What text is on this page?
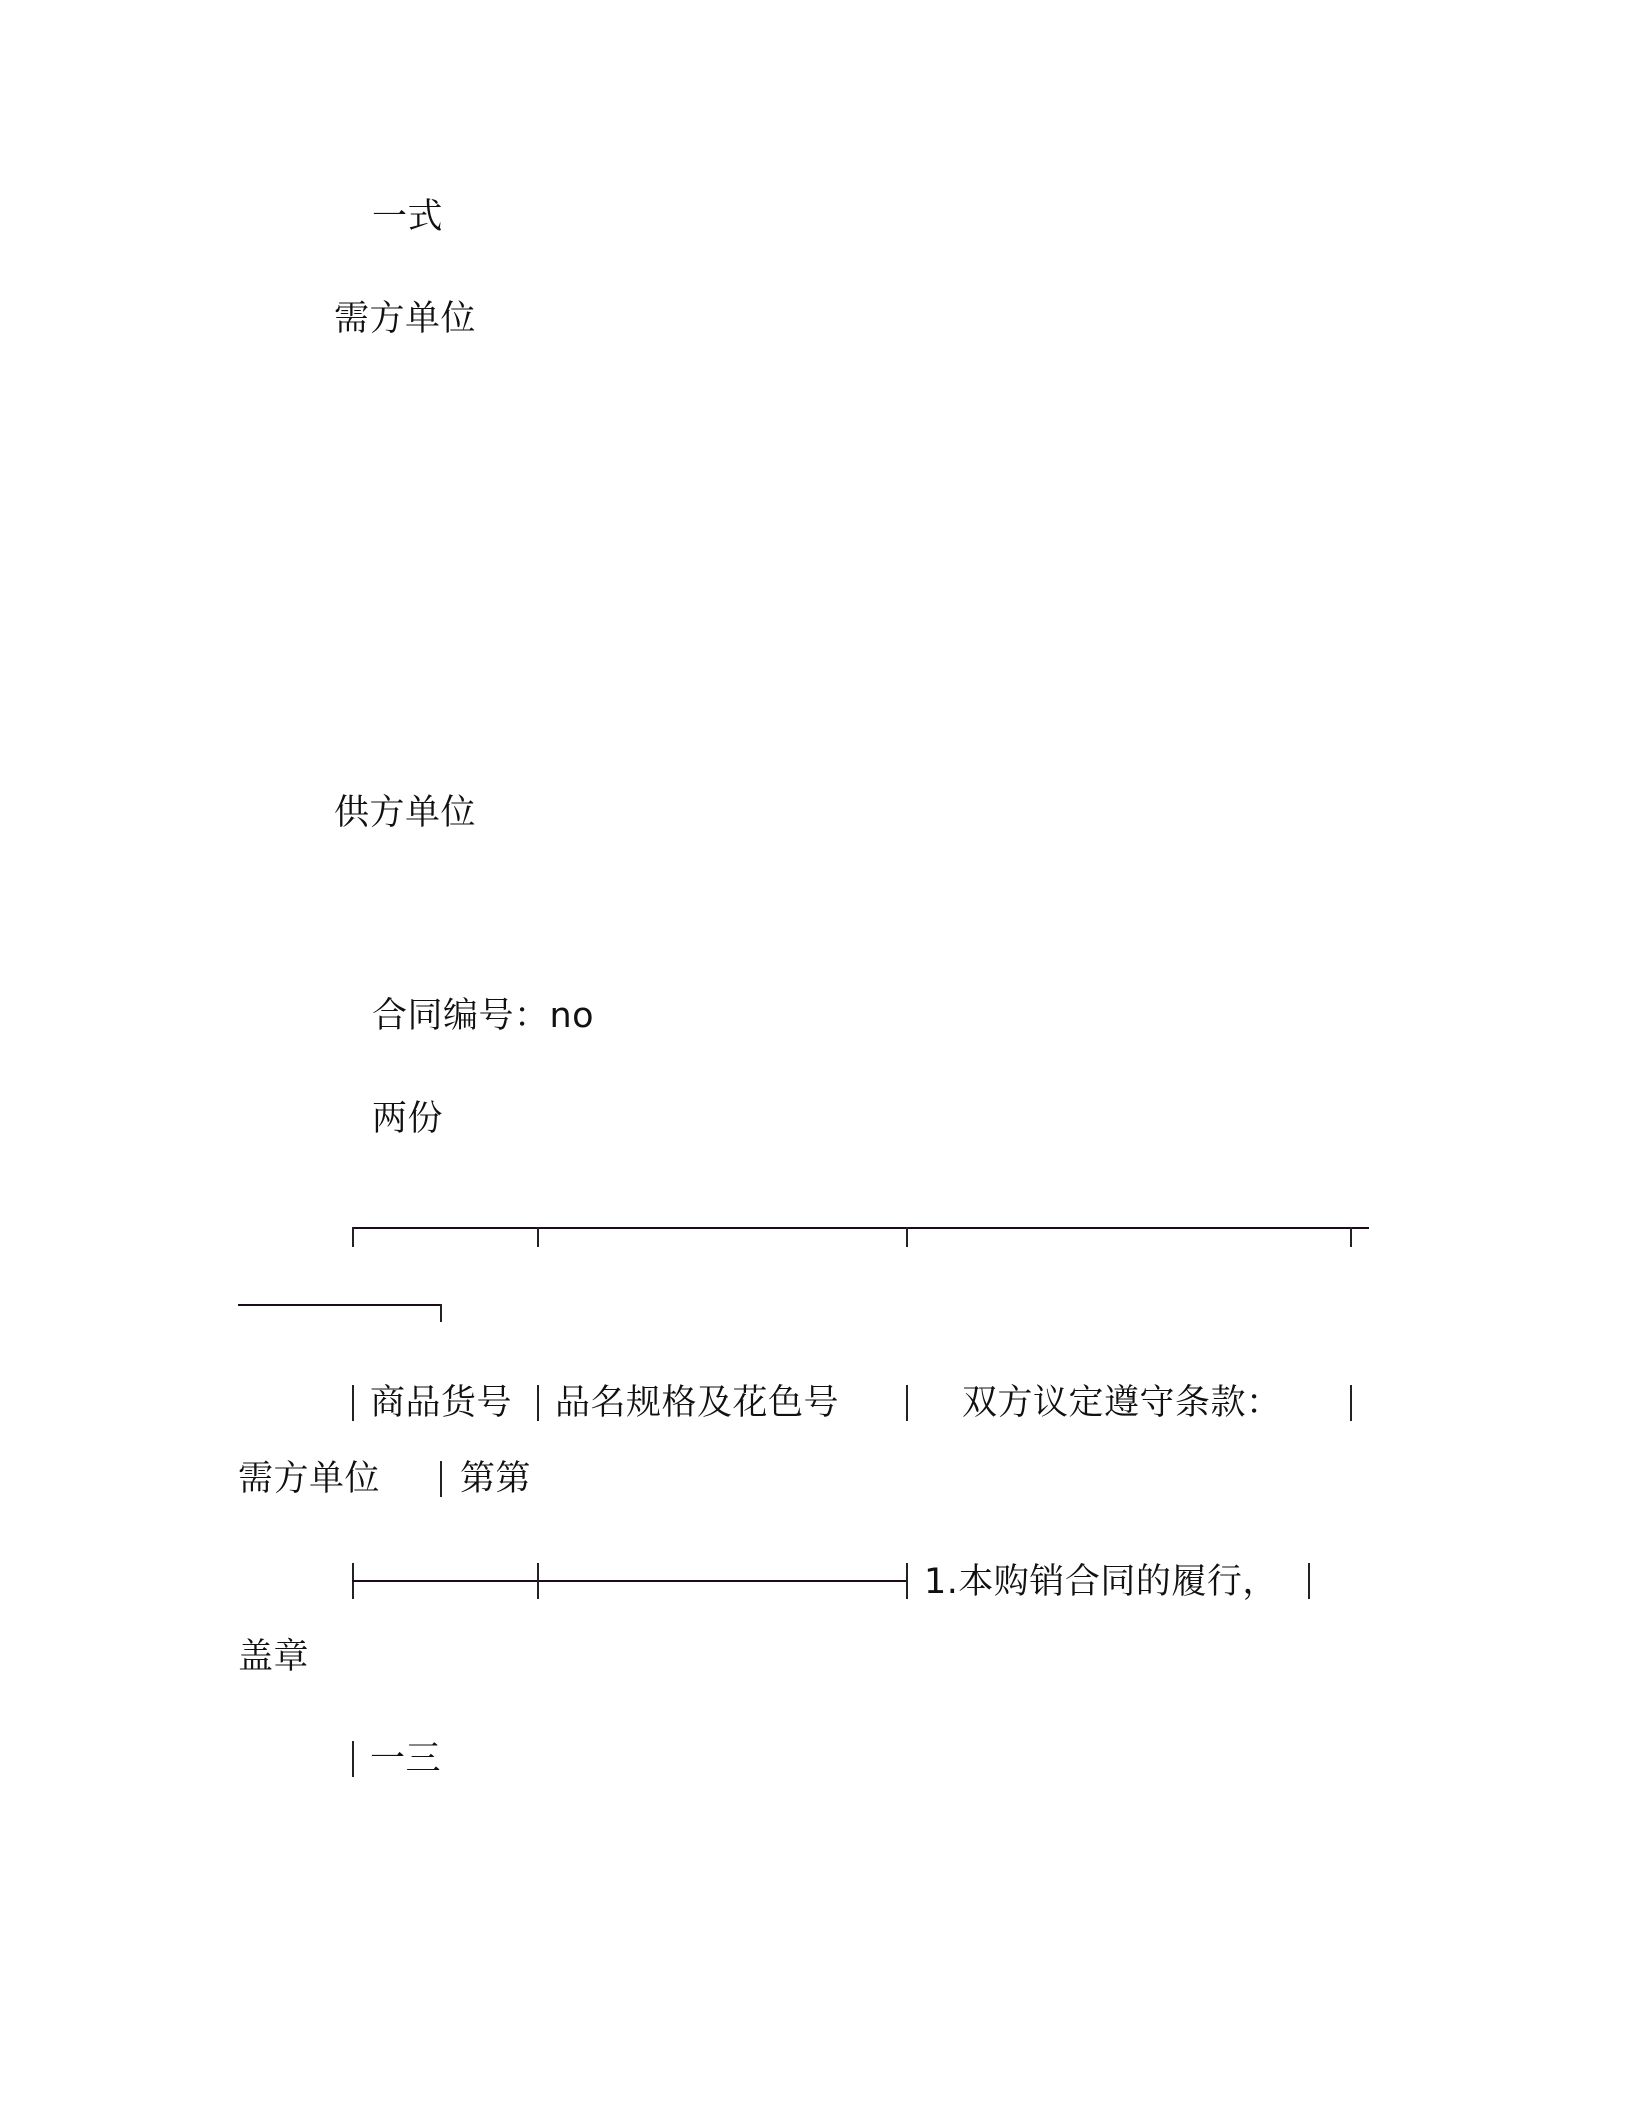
一式
需方单位
供方单位
合同编号：no
两份
商品货号 品名规格及花色号	双方议定遵守条款：
需方单位 第第
1.本购销合同的履行，
盖章
一三
